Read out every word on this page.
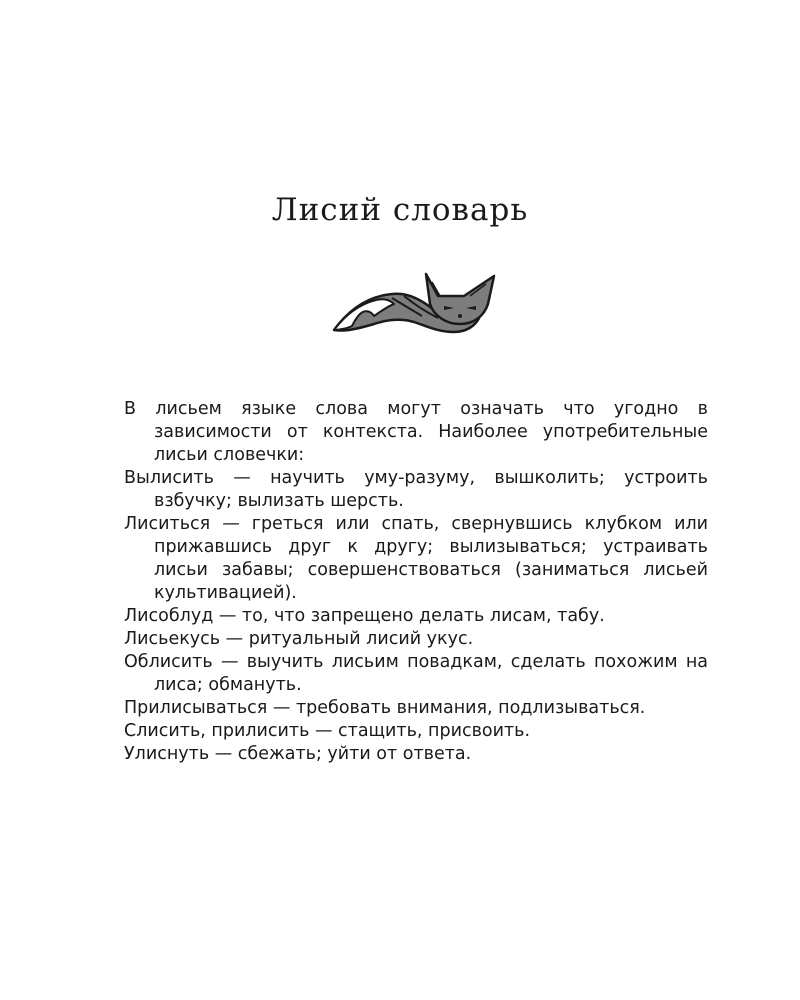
Лисий словарь

В лисьем языке слова могут означать что угодно в зависимости от контекста. Наиболее употребительные лисьи словечки:

Вылисить — научить уму-разуму, вышколить; устроить взбучку; вылизать шерсть.

Лиситься — греться или спать, свернувшись клубком или прижавшись друг к другу; вылизываться; устраивать лисьи забавы; совершенствоваться (заниматься лисьей культивацией).

Лисоблуд — то, что запрещено делать лисам, табу.

Лисьекусь — ритуальный лисий укус.

Облисить — выучить лисьим повадкам, сделать похожим на лиса; обмануть.

Прилисываться — требовать внимания, подлизываться.

Слисить, прилисить — стащить, присвоить.

Улиснуть — сбежать; уйти от ответа.
